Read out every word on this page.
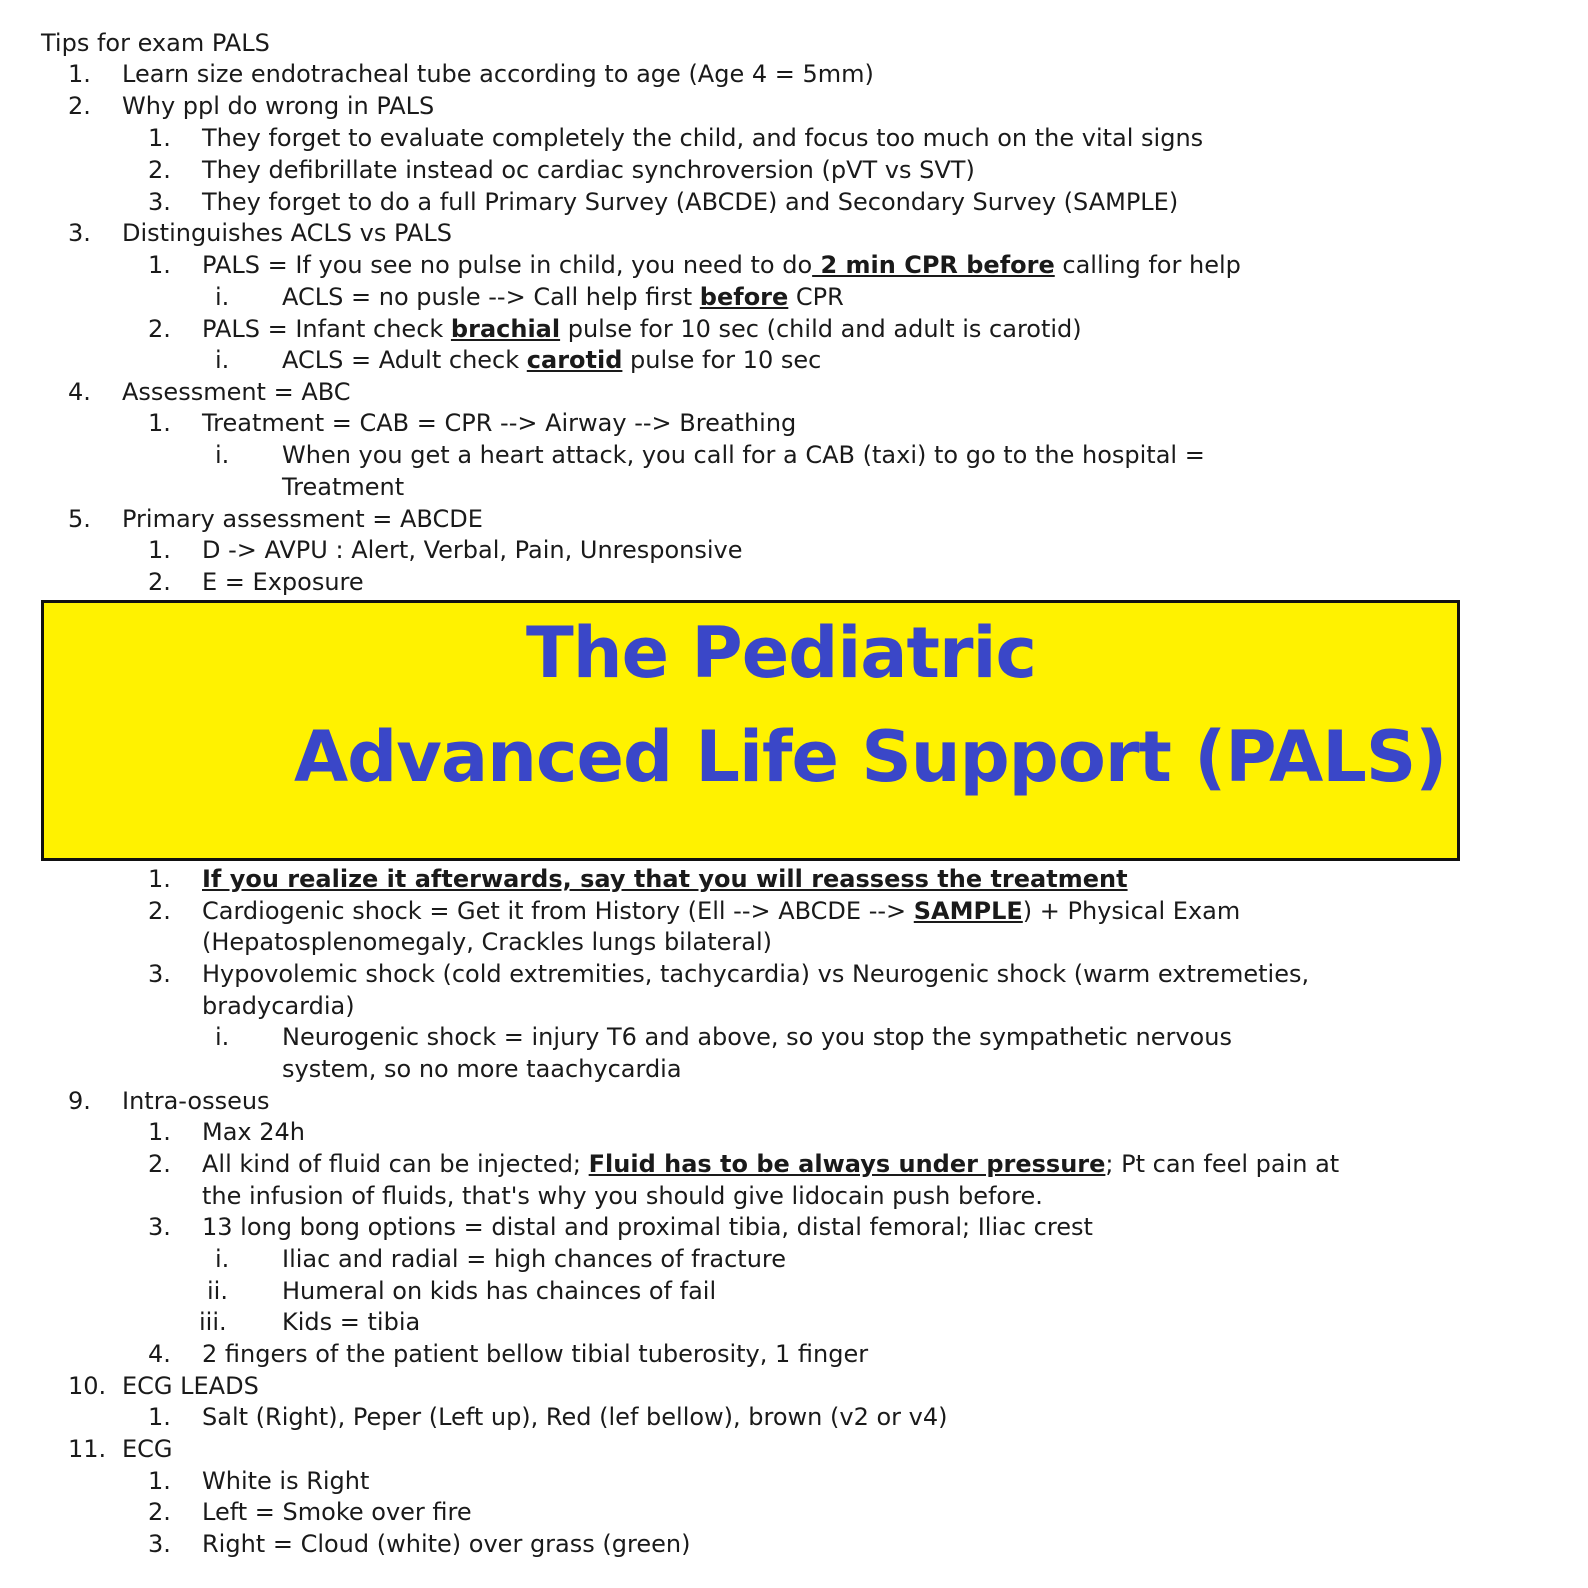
Tips for exam PALS
1. Learn size endotracheal tube according to age (Age 4 = 5mm)
2. Why ppl do wrong in PALS
1. They forget to evaluate completely the child, and focus too much on the vital signs
2. They defibrillate instead oc cardiac synchroversion (pVT vs SVT)
3. They forget to do a full Primary Survey (ABCDE) and Secondary Survey (SAMPLE)
3. Distinguishes ACLS vs PALS
1. PALS = If you see no pulse in child, you need to do 2 min CPR before calling for help
i. ACLS = no pusle --> Call help first before CPR
2. PALS = Infant check brachial pulse for 10 sec (child and adult is carotid)
i. ACLS = Adult check carotid pulse for 10 sec
4. Assessment = ABC
1. Treatment = CAB = CPR --> Airway --> Breathing
i. When you get a heart attack, you call for a CAB (taxi) to go to the hospital =
Treatment
5. Primary assessment = ABCDE
1. D -> AVPU : Alert, Verbal, Pain, Unresponsive
2. E = Exposure
The Pediatric
Advanced Life Support (PALS)
1. If you realize it afterwards, say that you will reassess the treatment
2. Cardiogenic shock = Get it from History (Ell --> ABCDE --> SAMPLE) + Physical Exam
(Hepatosplenomegaly, Crackles lungs bilateral)
3. Hypovolemic shock (cold extremities, tachycardia) vs Neurogenic shock (warm extremeties,
bradycardia)
i. Neurogenic shock = injury T6 and above, so you stop the sympathetic nervous
system, so no more taachycardia
9. Intra-osseus
1. Max 24h
2. All kind of fluid can be injected; Fluid has to be always under pressure; Pt can feel pain at
the infusion of fluids, that's why you should give lidocain push before.
3. 13 long bong options = distal and proximal tibia, distal femoral; Iliac crest
i. Iliac and radial = high chances of fracture
ii. Humeral on kids has chainces of fail
iii. Kids = tibia
4. 2 fingers of the patient bellow tibial tuberosity, 1 finger
10. ECG LEADS
1. Salt (Right), Peper (Left up), Red (lef bellow), brown (v2 or v4)
11. ECG
1. White is Right
2. Left = Smoke over fire
3. Right = Cloud (white) over grass (green)
